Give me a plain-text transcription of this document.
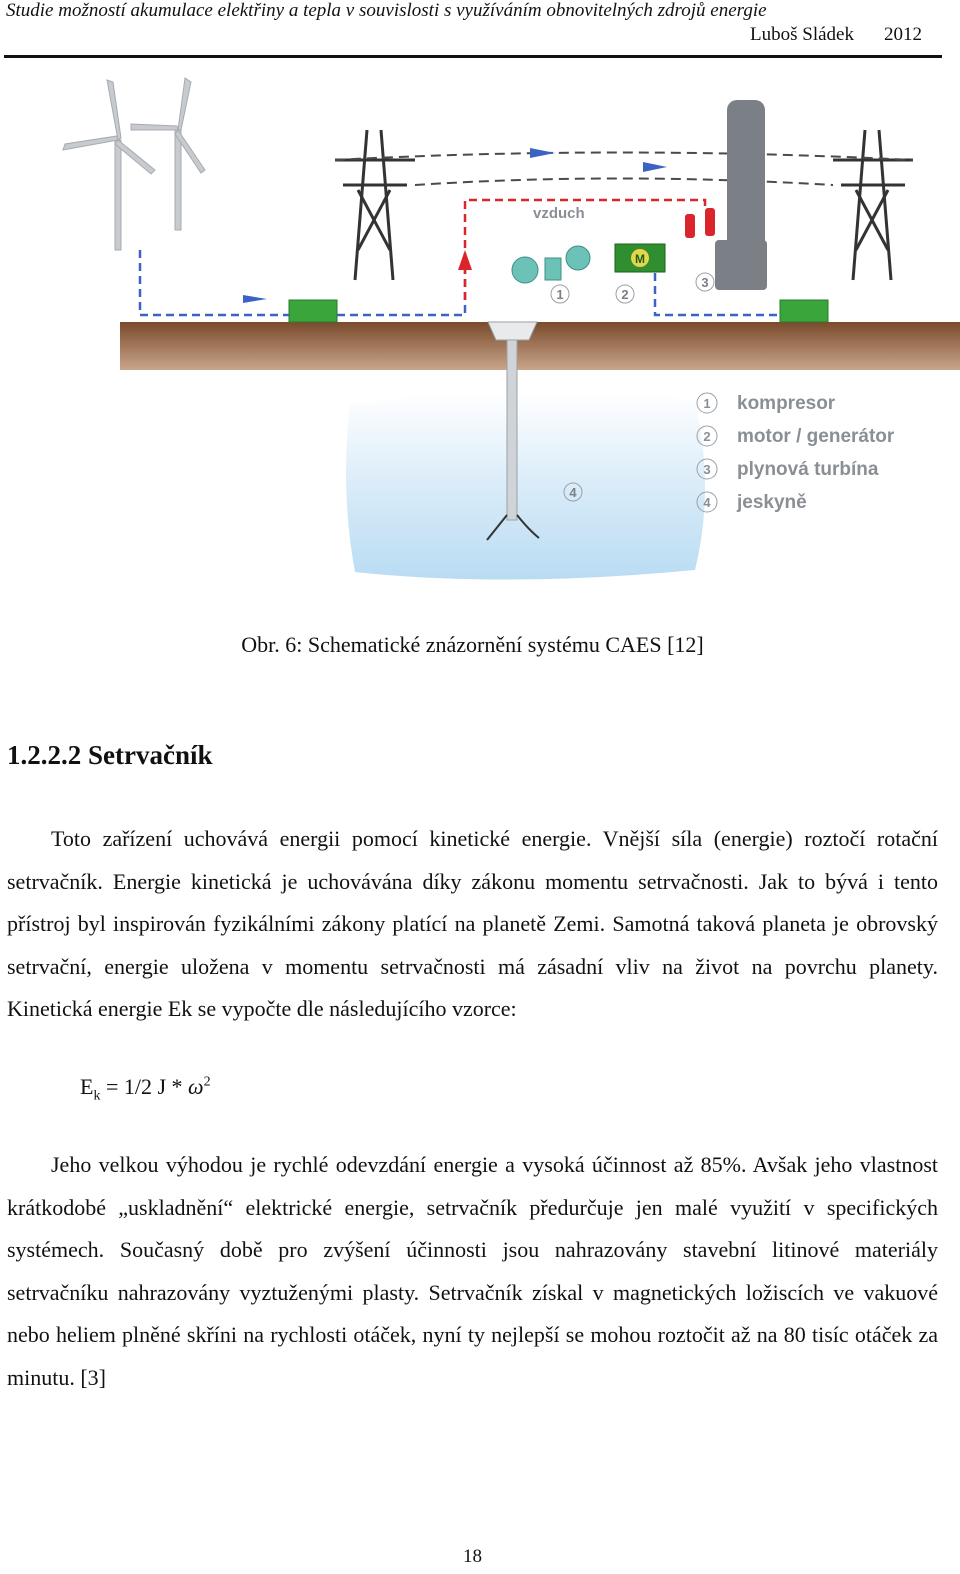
Studie možností akumulace elektřiny a tepla v souvislosti s využíváním obnovitelných zdrojů energie
Luboš Sládek 2012
vzduch
M
1	2
3
4
1 kompresor
2 motor / generátor
3 plynová turbína
4 jeskyně
Obr. 6: Schematické znázornění systému CAES [12]
1.2.2.2 Setrvačník
Toto zařízení uchovává energii pomocí kinetické energie. Vnější síla (energie) roztočí rotační setrvačník. Energie kinetická je uchovávána díky zákonu momentu setrvačnosti. Jak to bývá i tento přístroj byl inspirován fyzikálními zákony platící na planetě Zemi. Samotná taková planeta je obrovský setrvační, energie uložena v momentu setrvačnosti má zásadní vliv na život na povrchu planety. Kinetická energie Ek se vypočte dle následujícího vzorce:
$E_k = 1/2$ J * $\omega^2$
Jeho velkou výhodou je rychlé odevzdání energie a vysoká účinnost až 85%. Avšak jeho vlastnost krátkodobé „uskladnění“ elektrické energie, setrvačník předurčuje jen malé využití v specifických systémech. Současný době pro zvýšení účinnosti jsou nahrazovány stavební litinové materiály setrvačníku nahrazovány vyztuženými plasty. Setrvačník získal v magnetických ložiscích ve vakuové nebo heliem plněné skříni na rychlosti otáček, nyní ty nejlepší se mohou roztočit až na 80 tisíc otáček za minutu. [3]
18
